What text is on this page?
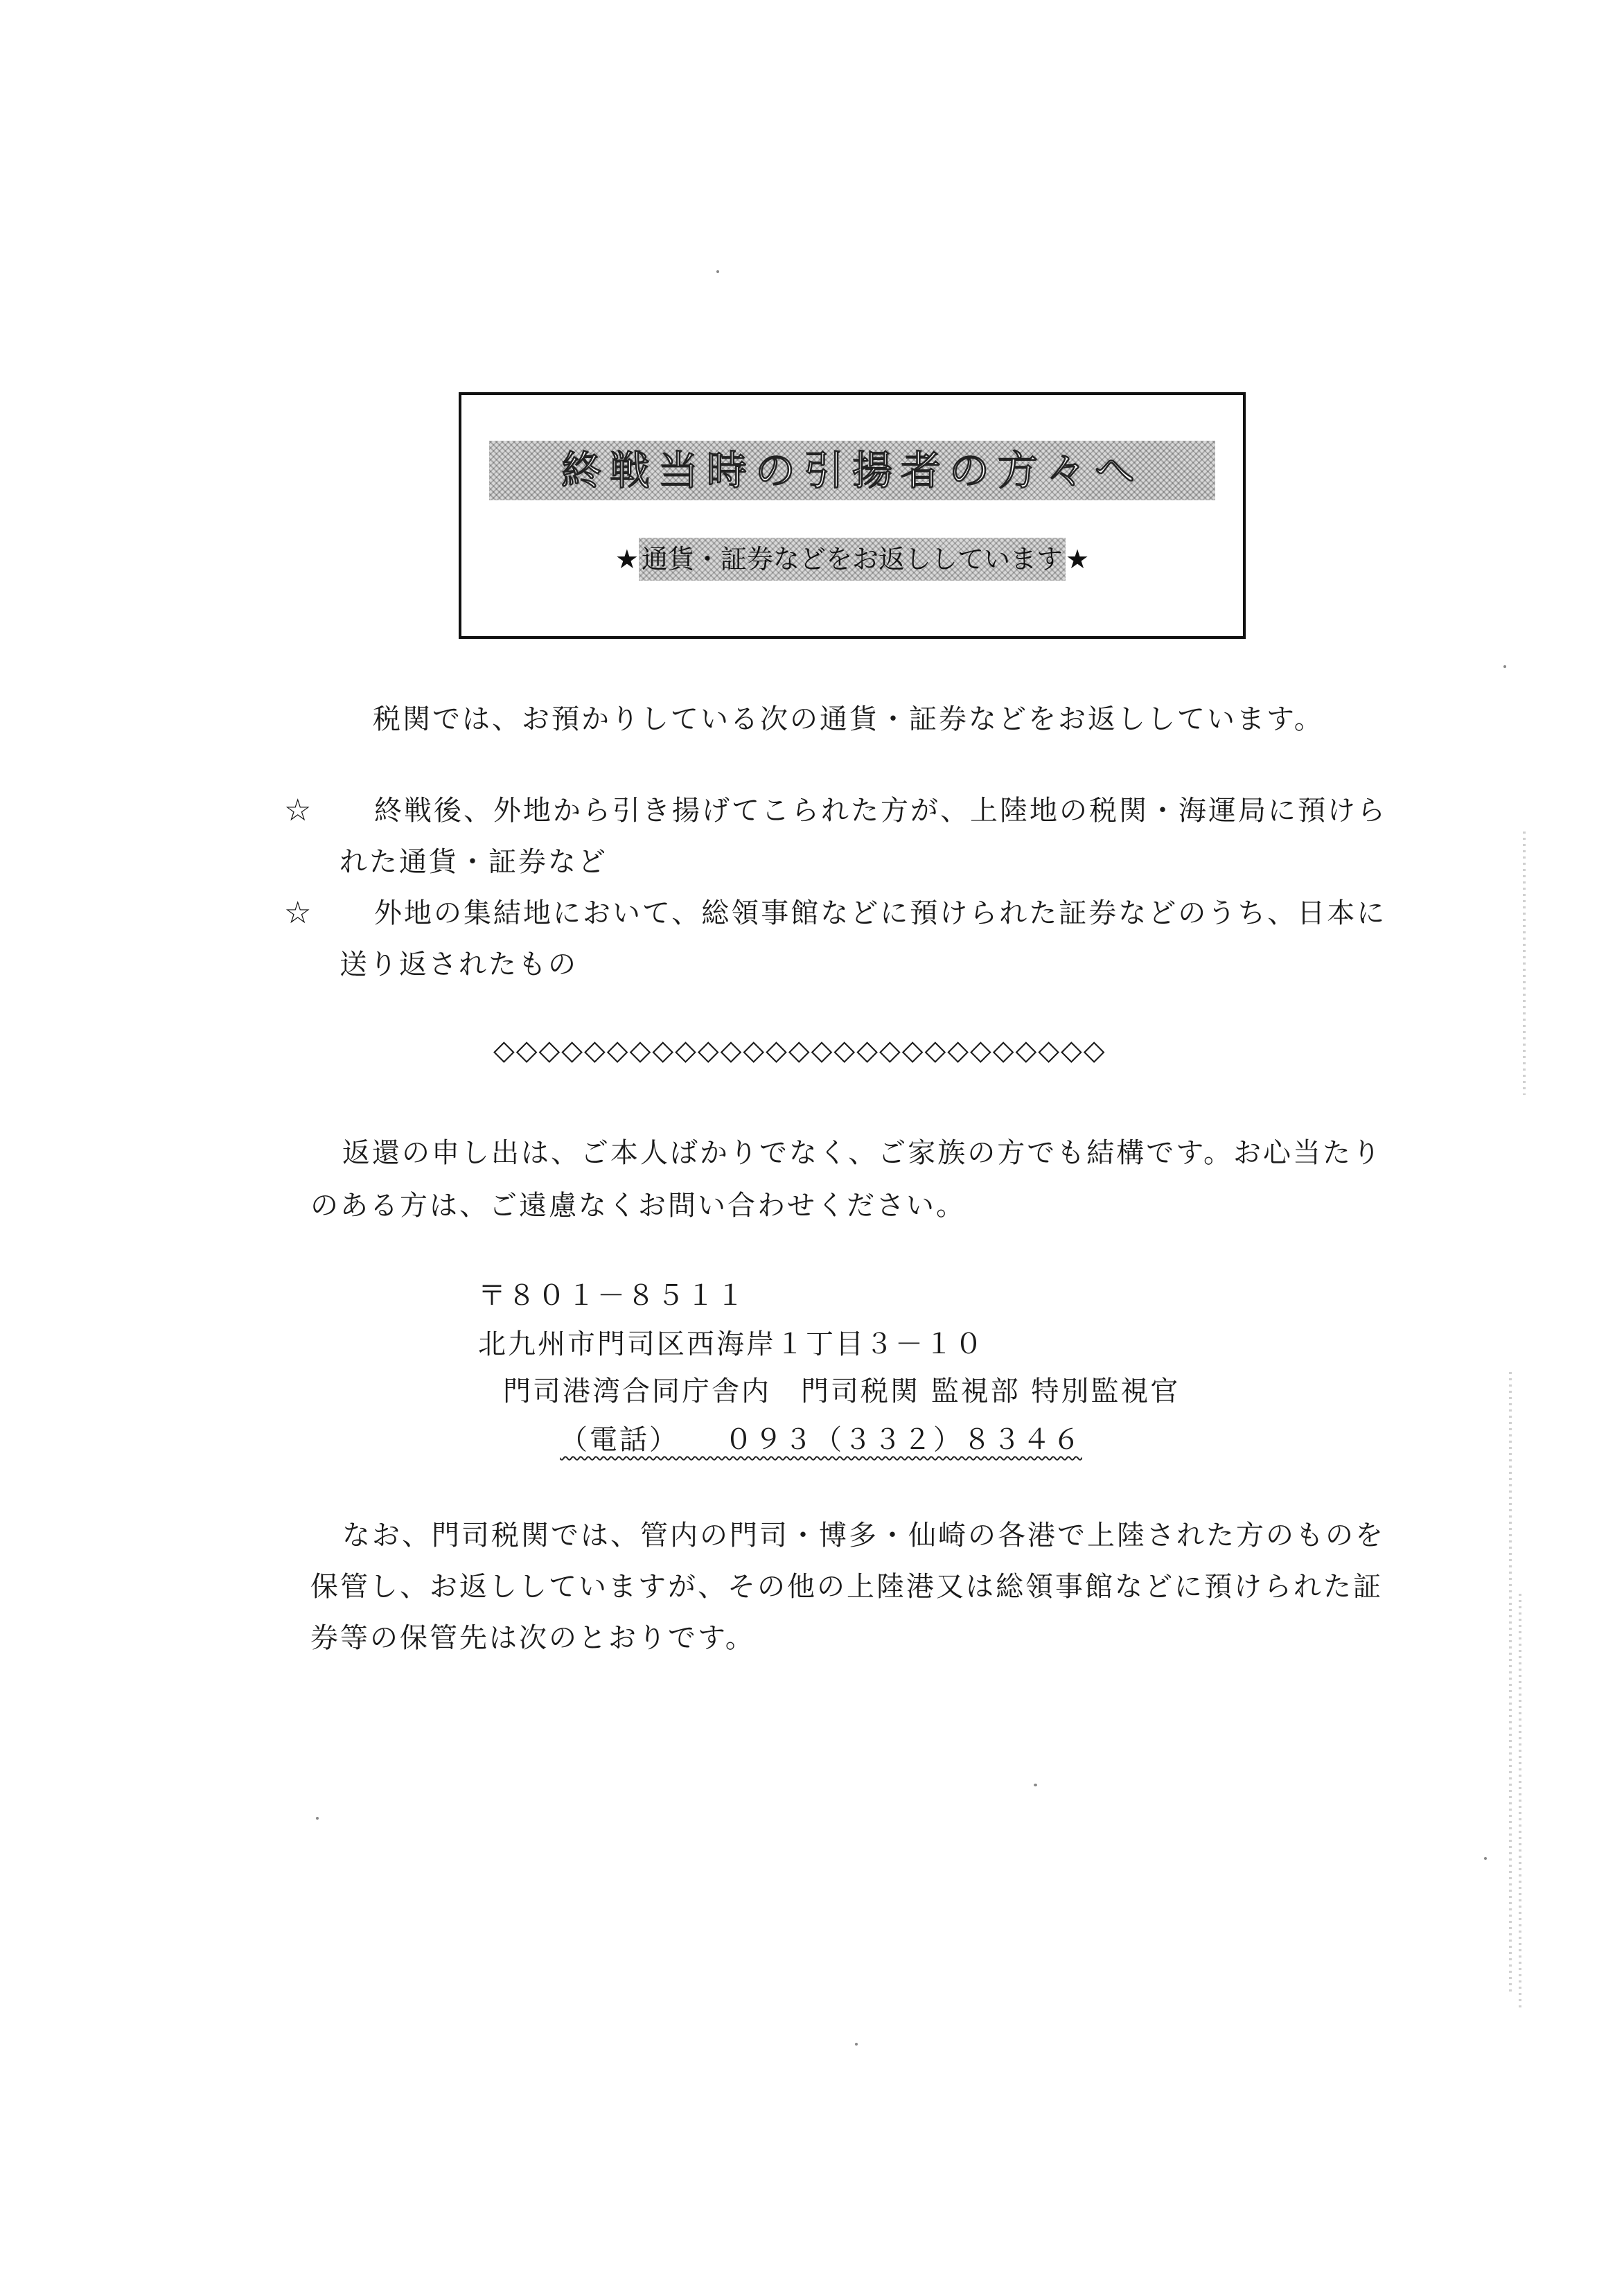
終戦当時の引揚者の方々へ
★ 通貨・証券などをお返ししています ★
税関では、お預かりしている次の通貨・証券などをお返ししています。
☆ 終戦後、外地から引き揚げてこられた方が、上陸地の税関・海運局に預けら
れた通貨・証券など
☆ 外地の集結地において、総領事館などに預けられた証券などのうち、日本に
送り返されたもの
◇◇◇◇◇◇◇◇◇◇◇◇◇◇◇◇◇◇◇◇◇◇◇◇◇◇◇
返還の申し出は、ご本人ばかりでなく、ご家族の方でも結構です。お心当たり
のある方は、ご遠慮なくお問い合わせください。
〒８０１－８５１１
北九州市門司区西海岸１丁目３－１０
門司港湾合同庁舎内　門司税関 監視部 特別監視官
（電話）　　０９３（３３２）８３４６
なお、門司税関では、管内の門司・博多・仙崎の各港で上陸された方のものを
保管し、お返ししていますが、その他の上陸港又は総領事館などに預けられた証
券等の保管先は次のとおりです。
